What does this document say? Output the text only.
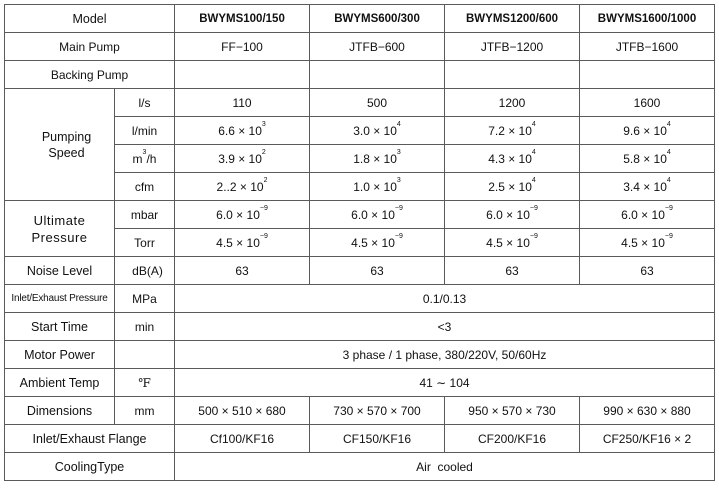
Model		BWYMS100/150	BWYMS600/300	BWYMS1200/600	BWYMS1600/1000
Main Pump		FF−100	JTFB−600	JTFB−1200	JTFB−1600
Backing Pump					
Pumping Speed	l/s	110	500	1200	1600
	l/min	$6.6 \times 10^3$	$3.0 \times 10^4$	$7.2 \times 10^4$	$9.6 \times 10^4$
	$m^3/h$	$3.9 \times 10^2$	$1.8 \times 10^3$	$4.3 \times 10^4$	$5.8 \times 10^4$
	cfm	$2..2 \times 10^2$	$1.0 \times 10^3$	$2.5 \times 10^4$	$3.4 \times 10^4$
Ultimate Pressure	mbar	$6.0 \times 10^{-9}$	$6.0 \times 10^{-9}$	$6.0 \times 10^{-9}$	$6.0 \times 10^{-9}$
	Torr	$4.5 \times 10^{-9}$	$4.5 \times 10^{-9}$	$4.5 \times 10^{-9}$	$4.5 \times 10^{-9}$
Noise Level	dB(A)	63	63	63	63
Inlet/Exhaust Pressure	MPa	0.1/0.13			
Start Time	min	<3			
Motor Power		3 phase / 1 phase, 380/220V, 50/60Hz			
Ambient Temp	℉	41 ∼ 104			
Dimensions	mm	500 × 510 × 680	730 × 570 × 700	950 × 570 × 730	990 × 630 × 880
Inlet/Exhaust Flange		Cf100/KF16	CF150/KF16	CF200/KF16	CF250/KF16 × 2
CoolingType		Air  cooled			
